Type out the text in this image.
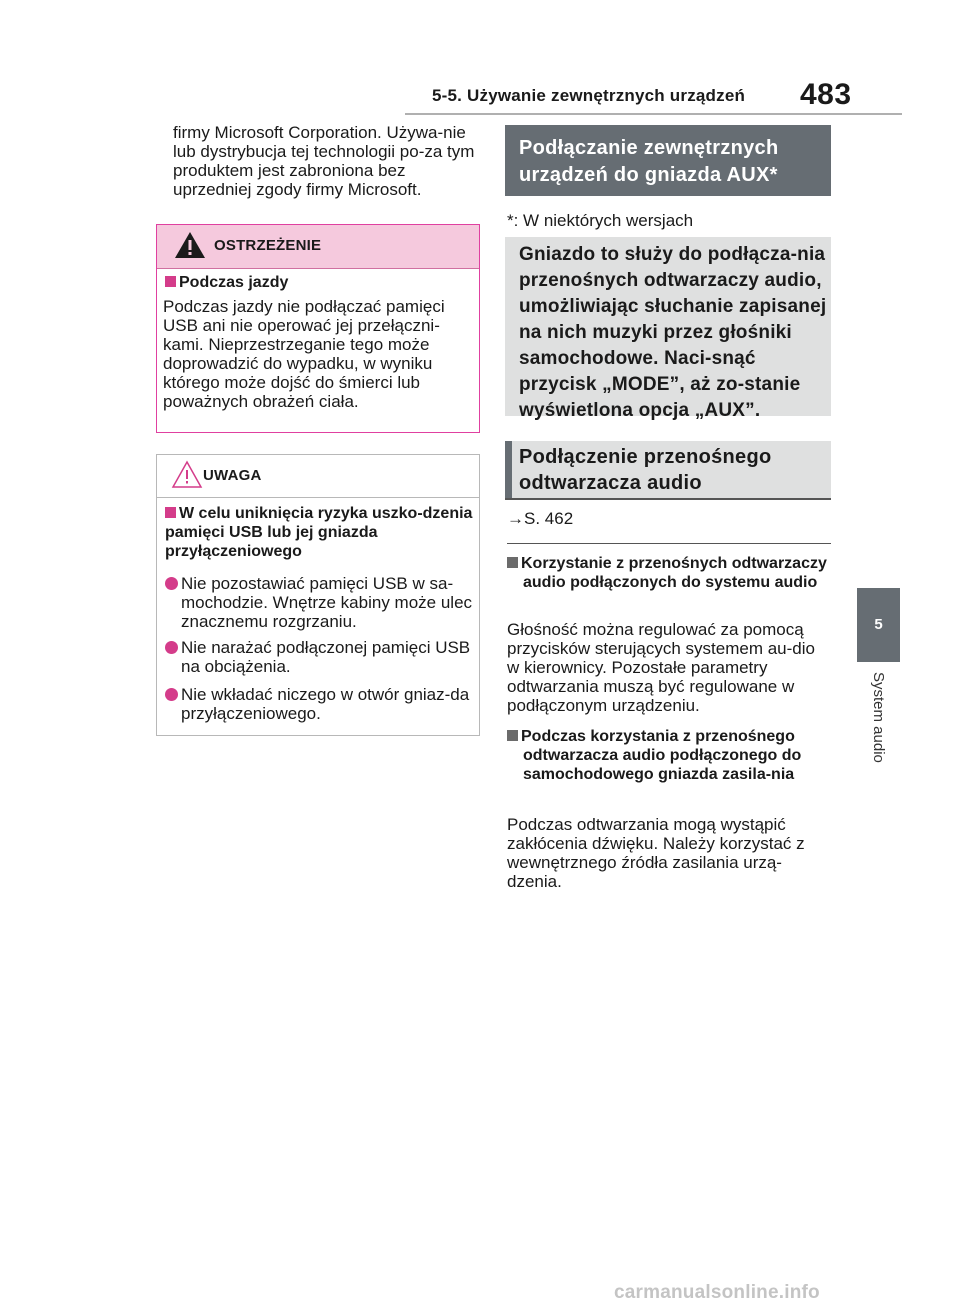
5-5. Używanie zewnętrznych urządzeń 483
5
System audio
firmy Microsoft Corporation. Używa-nie lub dystrybucja tej technologii po-za tym produktem jest zabroniona bez uprzedniej zgody firmy Microsoft.
OSTRZEŻENIE
Podczas jazdy
Podczas jazdy nie podłączać pamięci USB ani nie operować jej przełączni-kami. Nieprzestrzeganie tego może doprowadzić do wypadku, w wyniku którego może dojść do śmierci lub poważnych obrażeń ciała.
UWAGA
W celu uniknięcia ryzyka uszko-dzenia pamięci USB lub jej gniazda przyłączeniowego
Nie pozostawiać pamięci USB w sa-mochodzie. Wnętrze kabiny może ulec znacznemu rozgrzaniu.
Nie narażać podłączonej pamięci USB na obciążenia.
Nie wkładać niczego w otwór gniaz-da przyłączeniowego.
Podłączanie zewnętrznych urządzeń do gniazda AUX*
*: W niektórych wersjach
Gniazdo to służy do podłącza-nia przenośnych odtwarzaczy audio, umożliwiając słuchanie zapisanej na nich muzyki przez głośniki samochodowe. Naci-snąć przycisk „MODE”, aż zo-stanie wyświetlona opcja „AUX”.
Podłączenie przenośnego odtwarzacza audio
→S. 462
Korzystanie z przenośnych odtwarzaczy audio podłączonych do systemu audio
Głośność można regulować za pomocą przycisków sterujących systemem au-dio w kierownicy. Pozostałe parametry odtwarzania muszą być regulowane w podłączonym urządzeniu.
Podczas korzystania z przenośnego odtwarzacza audio podłączonego do samochodowego gniazda zasila-nia
Podczas odtwarzania mogą wystąpić zakłócenia dźwięku. Należy korzystać z wewnętrznego źródła zasilania urzą-dzenia.
carmanualsonline.info
